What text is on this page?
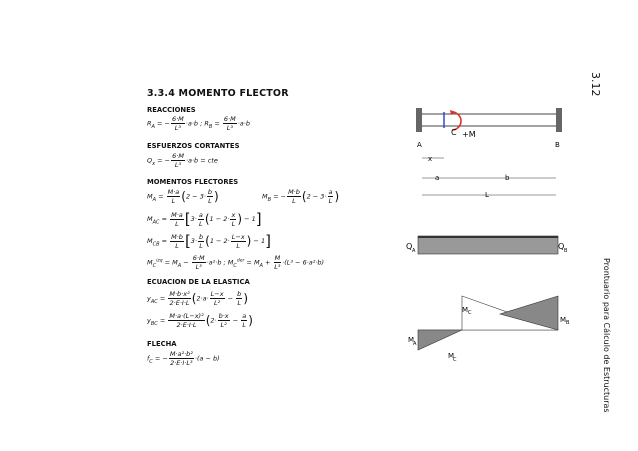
3.12
Prontuario para Cálculo de Estructuras
3.3.4 MOMENTO FLECTOR
REACCIONES
$R_A$ = − $\frac{6\cdot M}{\text{L³}} \cdot a\cdot b$ ; $R_B = \frac{6\cdot M}{\text{L³}} \cdot a\cdot b$
ESFUERZOS CORTANTES
$Q_x$ = − $\frac{6\cdot M}{\text{L³}} \cdot a\cdot b$ = cte
MOMENTOS FLECTORES
$M_A = \frac{M\cdot a}{L} (2 - 3\cdot \frac{b}{L}$ )	$M_B$ = − $\frac{M\cdot b}{L} (2 - 3\cdot \frac{a}{L}$ )
$M_{AC} = \frac{M\cdot a}{L} [3\cdot \frac{a}{L} (1 - 2\cdot \frac{x}{L}$ ) − 1]
$M_{CB} = \frac{M\cdot b}{L} [3\cdot \frac{b}{L} (1 - 2\cdot \frac{L-x}{L}$ ) − 1]
$M_C^{izq} = M_A - \frac{6\cdot M}{\text{L³}} \cdot a^2\cdot b$ ; $M_C^{der} = M_A + \frac{M}{\text{L³}} \cdot(L^3 - 6\cdot a^2\cdot b)$
ECUACION DE LA ELASTICA
$y_{AC} = \frac{\text{M·b·x²}}{2\cdot E\cdot I\cdot L} (2\cdot a\cdot \frac{L-x}{\text{L²}} - \frac{b}{L}$ )
$y_{BC} = \frac{\text{M·a·(L−x)²}}{2\cdot E\cdot I\cdot L} (2\cdot \frac{b\cdot x}{\text{L²}} - \frac{a}{L}$ )
FLECHA
$f_C$ = − $\frac{\text{M·a²·b²}}{\text{2·E·I·L³}} \cdot(a - b)$
C +M
A	B
x
a	b
L
Q A	Q B
M C
M B
M
A
M
C
